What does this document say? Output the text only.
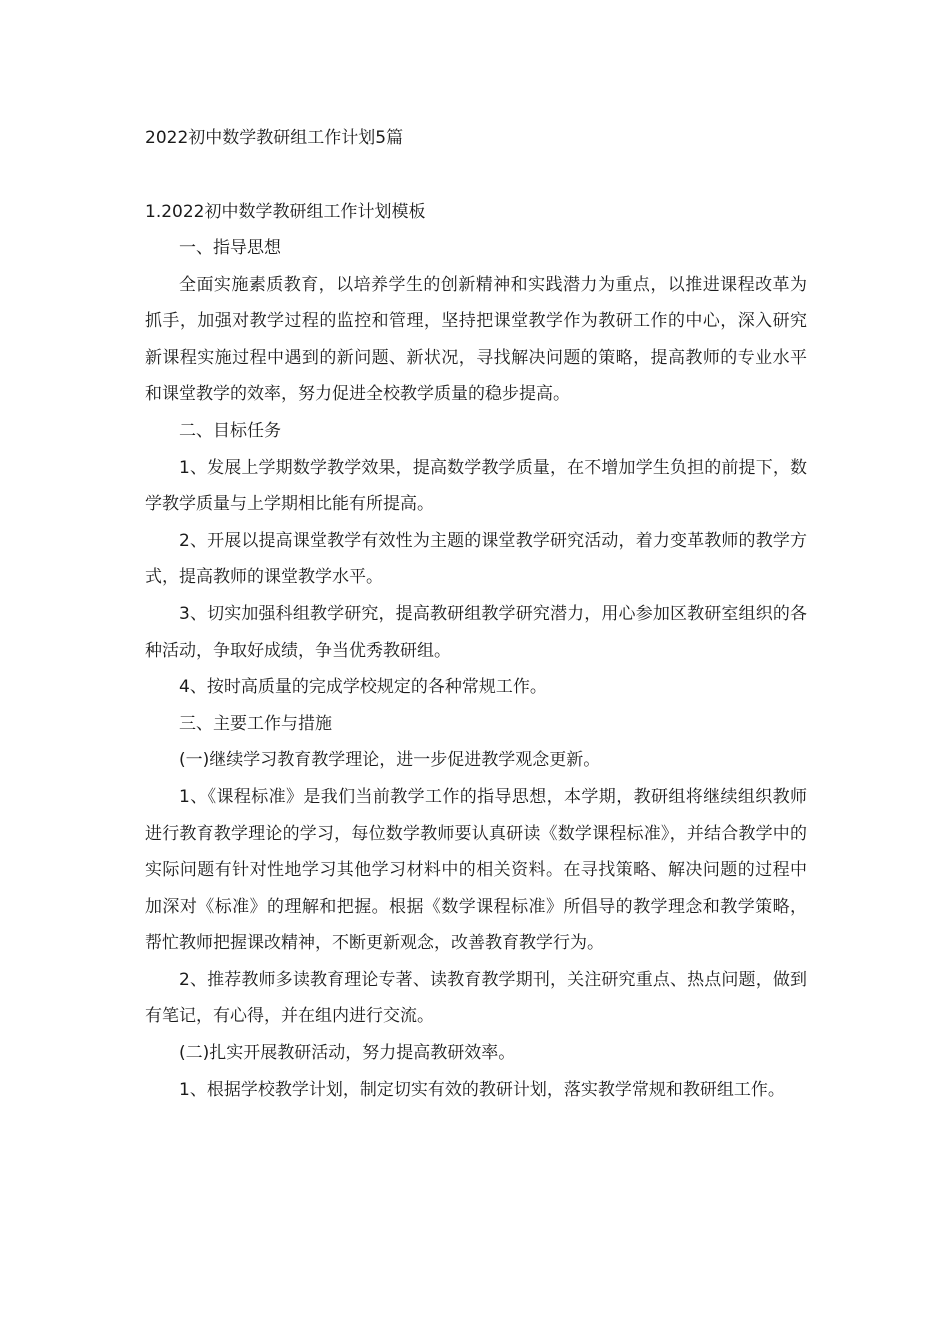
2022初中数学教研组工作计划5篇
1.2022初中数学教研组工作计划模板

一、指导思想

全面实施素质教育，以培养学生的创新精神和实践潜力为重点，以推进课程改革为抓手，加强对教学过程的监控和管理，坚持把课堂教学作为教研工作的中心，深入研究新课程实施过程中遇到的新问题、新状况，寻找解决问题的策略，提高教师的专业水平和课堂教学的效率，努力促进全校教学质量的稳步提高。

二、目标任务

1、发展上学期数学教学效果，提高数学教学质量，在不增加学生负担的前提下，数学教学质量与上学期相比能有所提高。

2、开展以提高课堂教学有效性为主题的课堂教学研究活动，着力变革教师的教学方式，提高教师的课堂教学水平。

3、切实加强科组教学研究，提高教研组教学研究潜力，用心参加区教研室组织的各种活动，争取好成绩，争当优秀教研组。

4、按时高质量的完成学校规定的各种常规工作。

三、主要工作与措施

(一)继续学习教育教学理论，进一步促进教学观念更新。

1、《课程标准》是我们当前教学工作的指导思想，本学期，教研组将继续组织教师进行教育教学理论的学习，每位数学教师要认真研读《数学课程标准》，并结合教学中的实际问题有针对性地学习其他学习材料中的相关资料。在寻找策略、解决问题的过程中加深对《标准》的理解和把握。根据《数学课程标准》所倡导的教学理念和教学策略，帮忙教师把握课改精神，不断更新观念，改善教育教学行为。

2、推荐教师多读教育理论专著、读教育教学期刊，关注研究重点、热点问题，做到有笔记，有心得，并在组内进行交流。

(二)扎实开展教研活动，努力提高教研效率。

1、根据学校教学计划，制定切实有效的教研计划，落实教学常规和教研组工作。
